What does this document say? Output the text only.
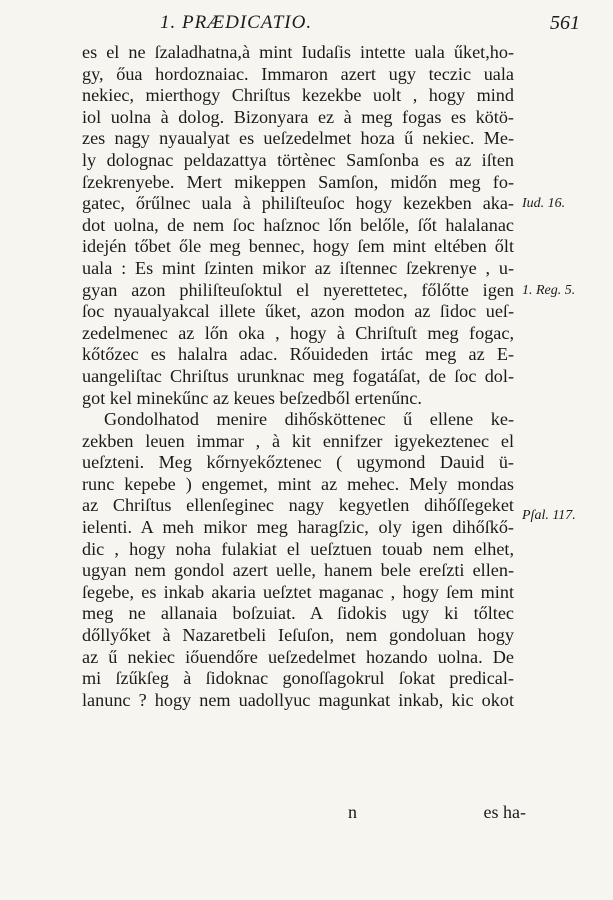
1. PRÆDICATIO.	561
es el ne ſzaladhatna,à mint Iudaſis intette uala űket,ho-
gy, őua hordoznaiac. Immaron azert ugy teczic uala
nekiec, mierthogy Chriſtus kezekbe uolt , hogy mind
iol uolna à dolog. Bizonyara ez à meg fogas es kötö-
zes nagy nyaualyat es ueſzedelmet hoza ű nekiec. Me-
ly dolognac peldazattya törtènec Samſonba es az iſten
ſzekrenyebe. Mert mikeppen Samſon, midőn meg fo-
gatec, őrűlnec uala à philiſteuſoc hogy kezekben aka-
dot uolna, de nem ſoc haſznoc lőn belőle, ſőt halalanac
idején tőbet őle meg bennec, hogy ſem mint eltében őlt
uala : Es mint ſzinten mikor az iſtennec ſzekrenye , u-
gyan azon philiſteuſoktul el nyerettetec, főlőtte igen
ſoc nyaualyakcal illete űket, azon modon az ſidoc ueſ-
zedelmenec az lőn oka , hogy à Chriſtuſt meg fogac,
kőtőzec es halalra adac. Rőuideden irtác meg az E-
uangeliſtac Chriſtus urunknac meg fogatáſat, de ſoc dol-
got kel minekűnc az keues beſzedből ertenűnc.
Gondolhatod menire dihősköttenec ű ellene ke-
zekben leuen immar , à kit ennifzer igyekeztenec el
ueſzteni. Meg kőrnyekőztenec ( ugymond Dauid ü-
runc kepebe ) engemet, mint az mehec. Mely mondas
az Chriſtus ellenſeginec nagy kegyetlen dihőſſegeket
ielenti. A meh mikor meg haragſzic, oly igen dihőſkő-
dic , hogy noha fulakiat el ueſztuen touab nem elhet,
ugyan nem gondol azert uelle, hanem bele ereſzti ellen-
ſegebe, es inkab akaria ueſztet maganac , hogy ſem mint
meg ne allanaia boſzuiat. A ſidokis ugy ki tőltec
dőllyőket à Nazaretbeli Ieſuſon, nem gondoluan hogy
az ű nekiec iőuendőre ueſzedelmet hozando uolna. De
mi ſzűkſeg à ſidoknac gonoſſagokrul ſokat predical-
lanunc ? hogy nem uadollyuc magunkat inkab, kic okot
Iud. 16.
1. Reg. 5.
Pſal. 117.
n	es ha-
